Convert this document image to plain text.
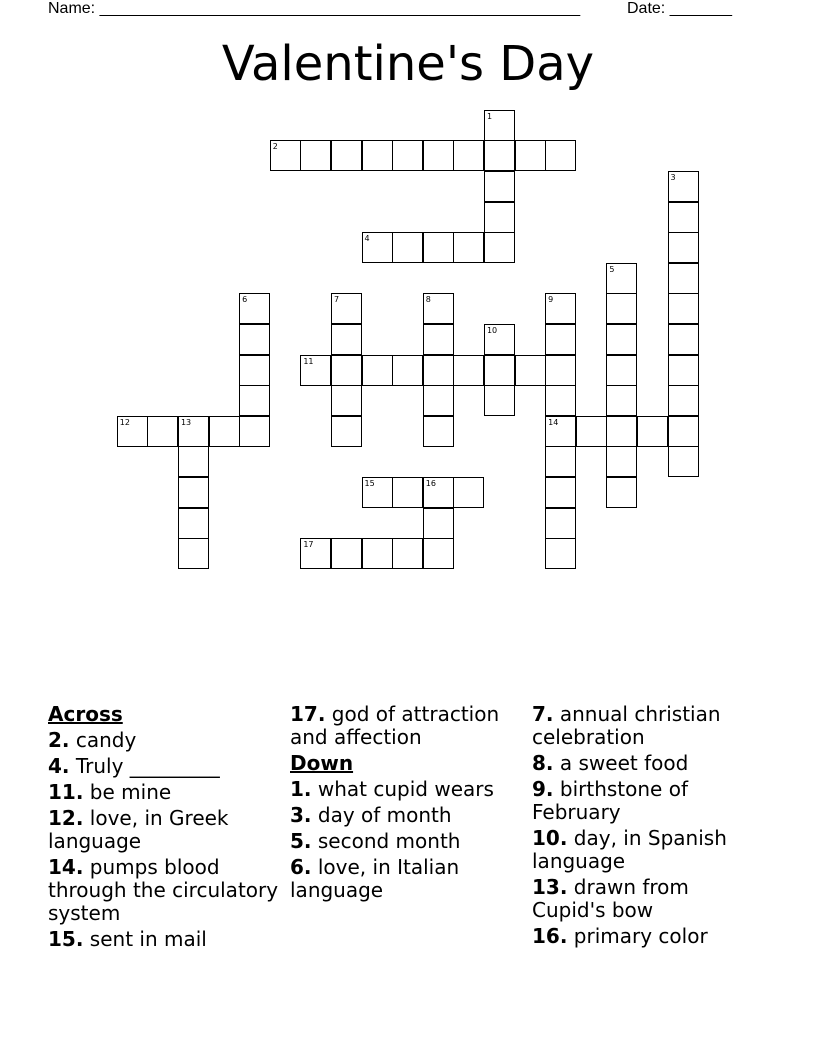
Name: ______________________________________________________	Date: _______
Valentine's Day
1
2
3
4
5
6	7	8	9
14
10
11
12	13
15	16
17
Across
2. candy
4. Truly _________
11. be mine
12. love, in Greek language
14. pumps blood through the circulatory system
15. sent in mail
17. god of attraction and affection
Down
1. what cupid wears
3. day of month
5. second month
6. love, in Italian language
7. annual christian celebration
8. a sweet food
9. birthstone of February
10. day, in Spanish language
13. drawn from Cupid's bow
16. primary color
